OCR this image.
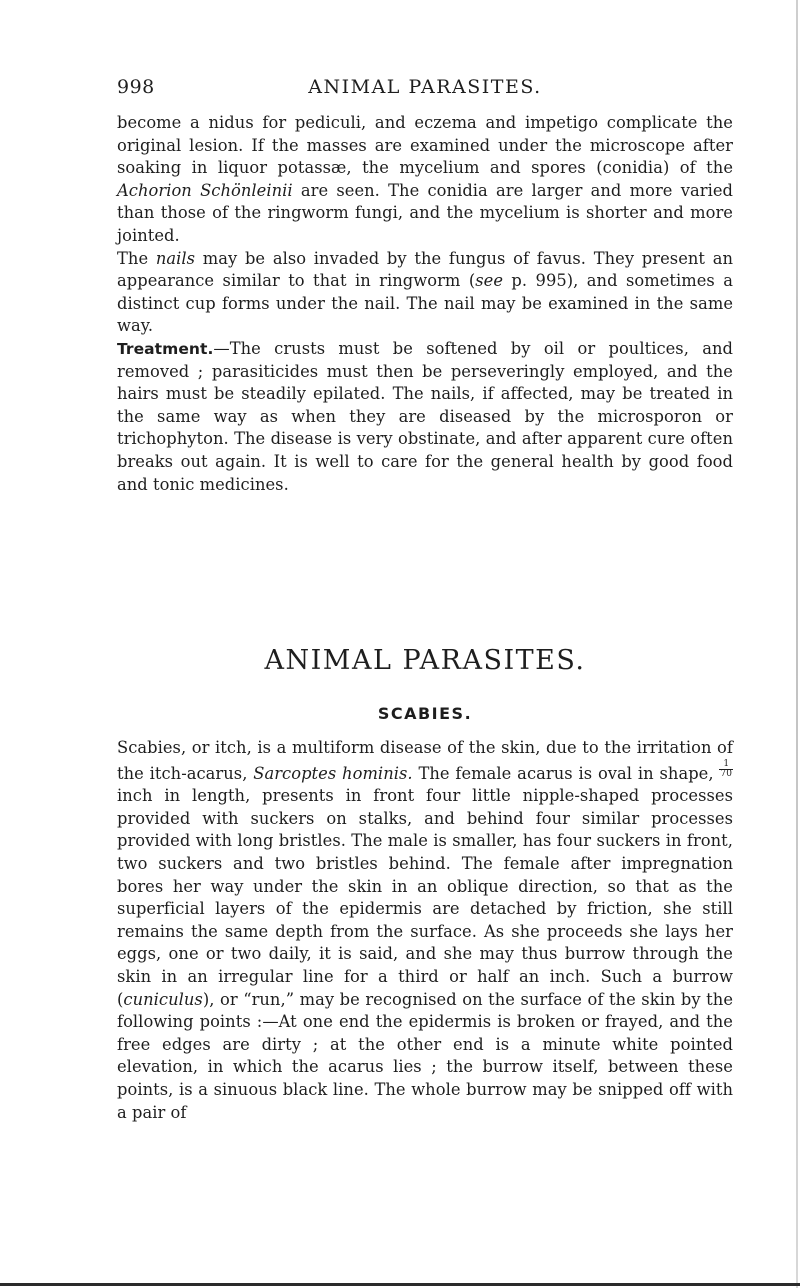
998	ANIMAL PARASITES.

become a nidus for pediculi, and eczema and impetigo complicate the original lesion. If the masses are examined under the microscope after soaking in liquor potassæ, the mycelium and spores (conidia) of the Achorion Schönleinii are seen. The conidia are larger and more varied than those of the ringworm fungi, and the mycelium is shorter and more jointed.

The nails may be also invaded by the fungus of favus. They present an appearance similar to that in ringworm (see p. 995), and sometimes a distinct cup forms under the nail. The nail may be examined in the same way.

Treatment.—The crusts must be softened by oil or poultices, and removed ; parasiticides must then be perseveringly employed, and the hairs must be steadily epilated. The nails, if affected, may be treated in the same way as when they are diseased by the microsporon or trichophyton. The disease is very obstinate, and after apparent cure often breaks out again. It is well to care for the general health by good food and tonic medicines.

ANIMAL PARASITES.
SCABIES.

Scabies, or itch, is a multiform disease of the skin, due to the irritation of the itch-acarus, Sarcoptes hominis. The female acarus is oval in shape, $\frac{1}{70}$
inch in length, presents in front four little nipple-shaped processes provided with suckers on stalks, and behind four similar processes provided with long bristles. The male is smaller, has four suckers in front, two suckers and two bristles behind. The female after impregnation bores her way under the skin in an oblique direction, so that as the superficial layers of the epidermis are detached by friction, she still remains the same depth from the surface. As she proceeds she lays her eggs, one or two daily, it is said, and she may thus burrow through the skin in an irregular line for a third or half an inch. Such a burrow (cuniculus), or “run,” may be recognised on the surface of the skin by the following points :—At one end the epidermis is broken or frayed, and the free edges are dirty ; at the other end is a minute white pointed elevation, in which the acarus lies ; the burrow itself, between these points, is a sinuous black line. The whole burrow may be snipped off with a pair of
